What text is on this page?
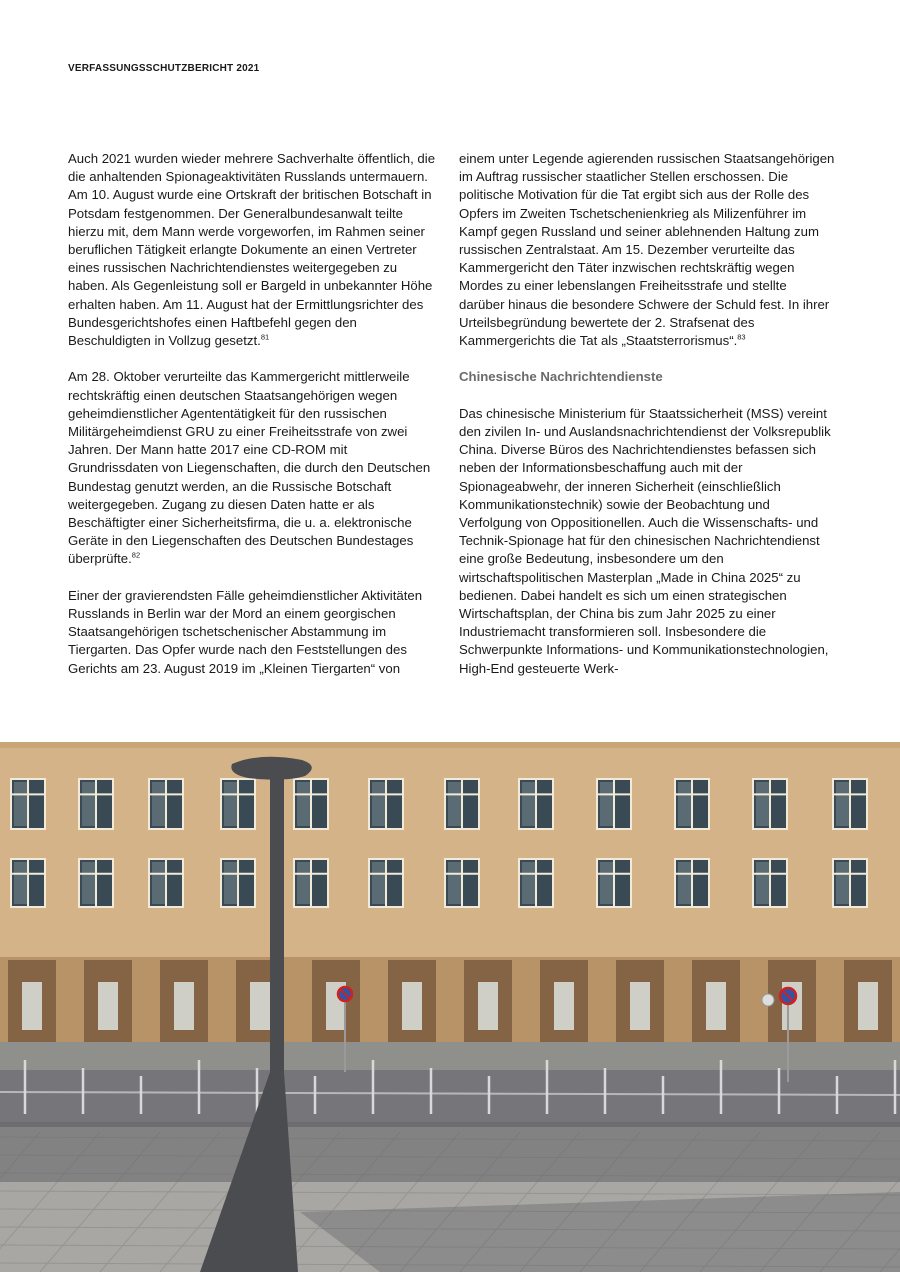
VERFASSUNGSSCHUTZBERICHT 2021

Auch 2021 wurden wieder mehrere Sachverhalte öffentlich, die die anhaltenden Spionageaktivitäten Russlands untermauern. Am 10. August wurde eine Ortskraft der britischen Botschaft in Potsdam festgenommen. Der Generalbundesanwalt teilte hierzu mit, dem Mann werde vorgeworfen, im Rahmen seiner beruflichen Tätigkeit erlangte Dokumente an einen Vertreter eines russischen Nachrichtendienstes weitergegeben zu haben. Als Gegenleistung soll er Bargeld in unbekannter Höhe erhalten haben. Am 11. August hat der Ermittlungsrichter des Bundesgerichtshofes einen Haftbefehl gegen den Beschuldigten in Vollzug gesetzt.$^{81}$

Am 28. Oktober verurteilte das Kammergericht mittlerweile rechtskräftig einen deutschen Staatsangehörigen wegen geheimdienstlicher Agententätigkeit für den russischen Militärgeheimdienst GRU zu einer Freiheitsstrafe von zwei Jahren. Der Mann hatte 2017 eine CD-ROM mit Grundrissdaten von Liegenschaften, die durch den Deutschen Bundestag genutzt werden, an die Russische Botschaft weitergegeben. Zugang zu diesen Daten hatte er als Beschäftigter einer Sicherheitsfirma, die u. a. elektronische Geräte in den Liegenschaften des Deutschen Bundestages überprüfte.$^{82}$

Einer der gravierendsten Fälle geheimdienstlicher Aktivitäten Russlands in Berlin war der Mord an einem georgischen Staatsangehörigen tschetschenischer Abstammung im Tiergarten. Das Opfer wurde nach den Feststellungen des Gerichts am 23. August 2019 im „Kleinen Tiergarten“ von

einem unter Legende agierenden russischen Staatsangehörigen im Auftrag russischer staatlicher Stellen erschossen. Die politische Motivation für die Tat ergibt sich aus der Rolle des Opfers im Zweiten Tschetschenienkrieg als Milizenführer im Kampf gegen Russland und seiner ablehnenden Haltung zum russischen Zentralstaat. Am 15. Dezember verurteilte das Kammergericht den Täter inzwischen rechtskräftig wegen Mordes zu einer lebenslangen Freiheitsstrafe und stellte darüber hinaus die besondere Schwere der Schuld fest. In ihrer Urteilsbegründung bewertete der 2. Strafsenat des Kammergerichts die Tat als „Staatsterrorismus“.$^{83}$

Chinesische Nachrichtendienste

Das chinesische Ministerium für Staatssicherheit (MSS) vereint den zivilen In- und Auslandsnachrichtendienst der Volksrepublik China. Diverse Büros des Nachrichtendienstes befassen sich neben der Informationsbeschaffung auch mit der Spionageabwehr, der inneren Sicherheit (einschließlich Kommunikationstechnik) sowie der Beobachtung und Verfolgung von Oppositionellen. Auch die Wissenschafts- und Technik-Spionage hat für den chinesischen Nachrichtendienst eine große Bedeutung, insbesondere um den wirtschaftspolitischen Masterplan „Made in China 2025“ zu bedienen. Dabei handelt es sich um einen strategischen Wirtschaftsplan, der China bis zum Jahr 2025 zu einer Industriemacht transformieren soll. Insbesondere die Schwerpunkte Informations- und Kommunikationstechnologien, High-End gesteuerte Werk-
